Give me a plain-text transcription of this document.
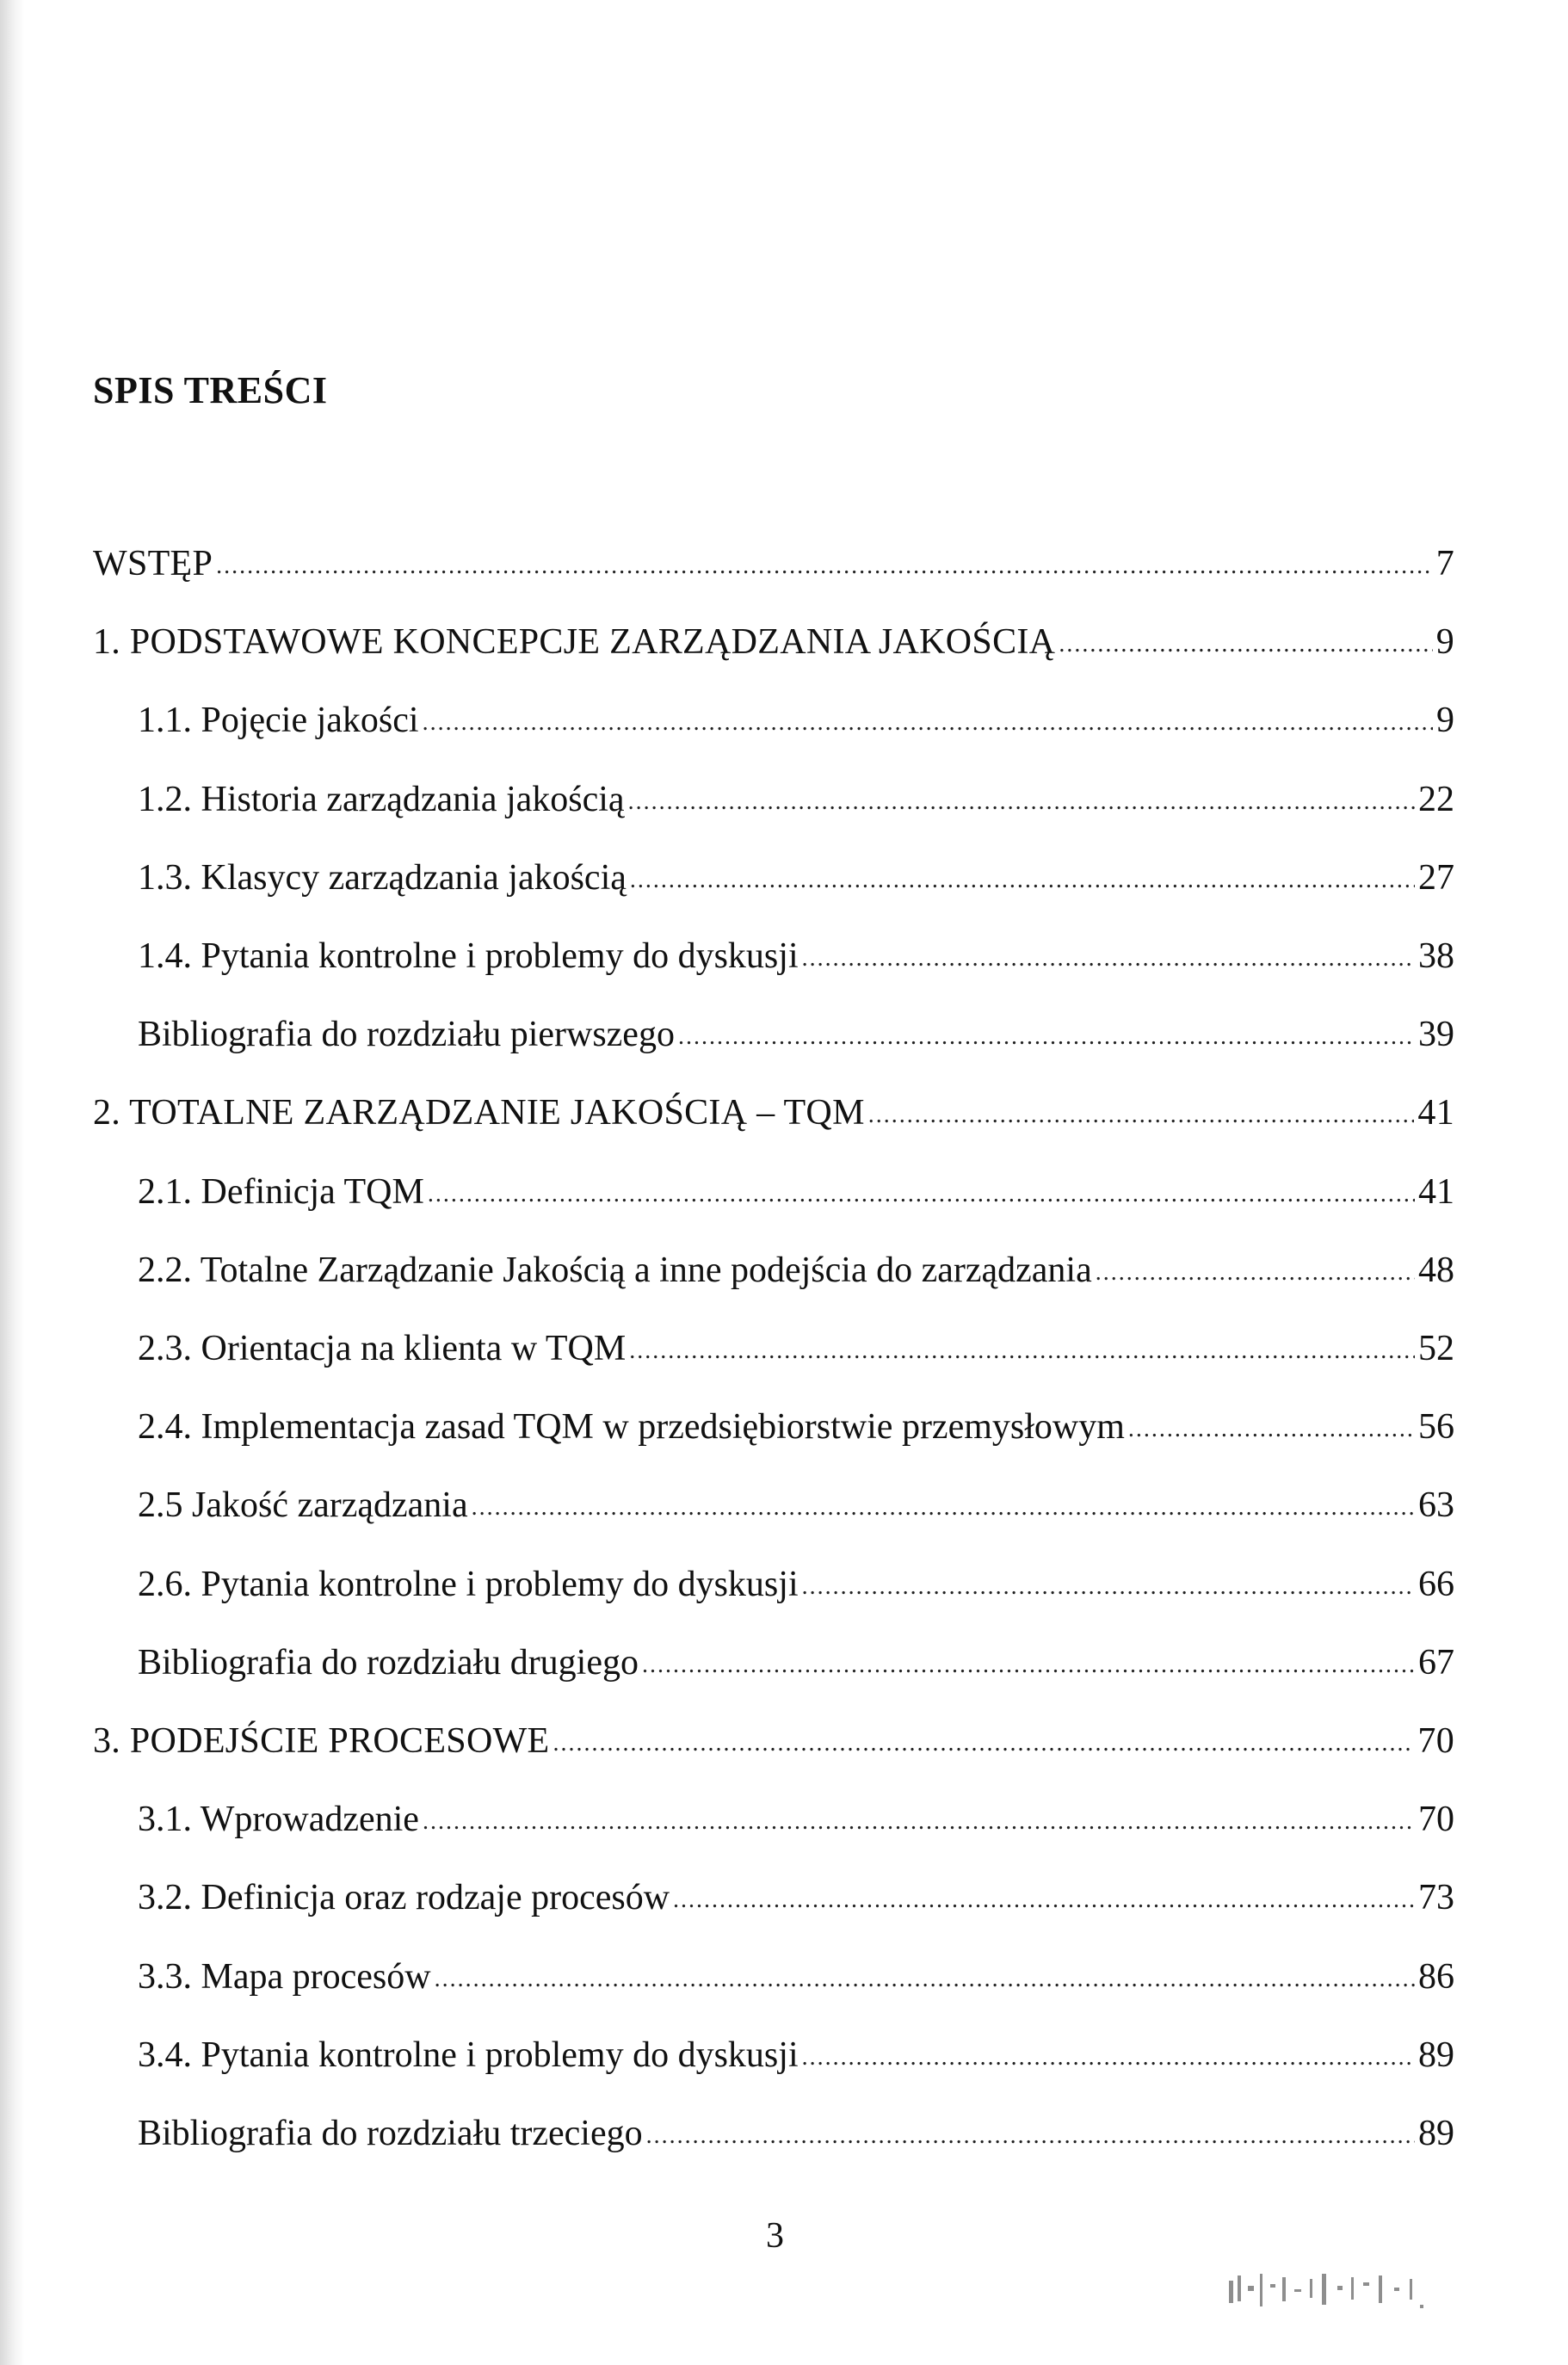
SPIS TREŚCI
WSTĘP .....	7
1. PODSTAWOWE KONCEPCJE ZARZĄDZANIA JAKOŚCIĄ .....	9
1.1. Pojęcie jakości .....	9
1.2. Historia zarządzania jakością .....	22
1.3. Klasycy zarządzania jakością .....	27
1.4. Pytania kontrolne i problemy do dyskusji .....	38
Bibliografia do rozdziału pierwszego .....	39
2. TOTALNE ZARZĄDZANIE JAKOŚCIĄ – TQM .....	41
2.1. Definicja TQM .....	41
2.2. Totalne Zarządzanie Jakością a inne podejścia do zarządzania .....	48
2.3. Orientacja na klienta w TQM .....	52
2.4. Implementacja zasad TQM w przedsiębiorstwie przemysłowym .....	56
2.5 Jakość zarządzania .....	63
2.6. Pytania kontrolne i problemy do dyskusji .....	66
Bibliografia do rozdziału drugiego .....	67
3. PODEJŚCIE PROCESOWE .....	70
3.1. Wprowadzenie .....	70
3.2. Definicja oraz rodzaje procesów .....	73
3.3. Mapa procesów .....	86
3.4. Pytania kontrolne i problemy do dyskusji .....	89
Bibliografia do rozdziału trzeciego .....	89

3
